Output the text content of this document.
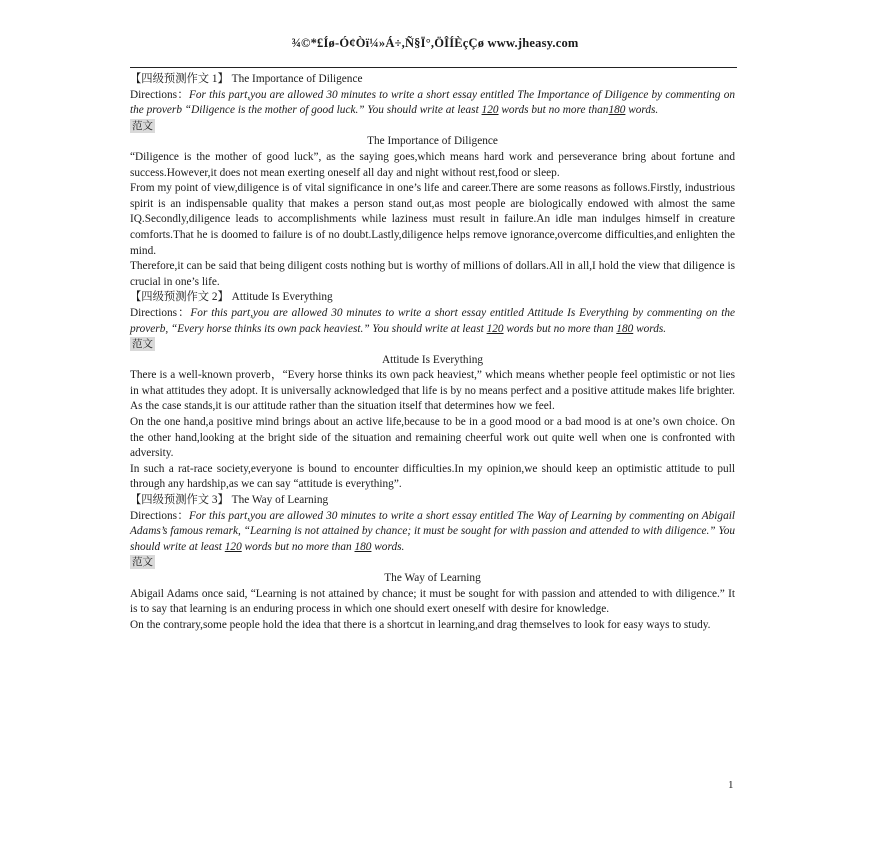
¾©*£Íø-Ó¢Òï¼»Á÷,Ñ§Ï°,ÖÎÍÈçÇø www.jheasy.com

【四级预测作文 1】 The Importance of Diligence

Directions：For this part,you are allowed 30 minutes to write a short essay entitled The Importance of Diligence by commenting on the proverb “Diligence is the mother of good luck.” You should write at least 120 words but no more than180 words.

范文

The Importance of Diligence

“Diligence is the mother of good luck”, as the saying goes,which means hard work and perseverance bring about fortune and success.However,it does not mean exerting oneself all day and night without rest,food or sleep.

From my point of view,diligence is of vital significance in one’s life and career.There are some reasons as follows.Firstly, industrious spirit is an indispensable quality that makes a person stand out,as most people are biologically endowed with almost the same IQ.Secondly,diligence leads to accomplishments while laziness must result in failure.An idle man indulges himself in creature comforts.That he is doomed to failure is of no doubt.Lastly,diligence helps remove ignorance,overcome difficulties,and enlighten the mind.

Therefore,it can be said that being diligent costs nothing but is worthy of millions of dollars.All in all,I hold the view that diligence is crucial in one’s life.

【四级预测作文 2】 Attitude Is Everything

Directions：For this part,you are allowed 30 minutes to write a short essay entitled Attitude Is Everything by commenting on the proverb, “Every horse thinks its own pack heaviest.” You should write at least 120 words but no more than 180 words.

范文

Attitude Is Everything

There is a well-known proverb，“Every horse thinks its own pack heaviest,” which means whether people feel optimistic or not lies in what attitudes they adopt. It is universally acknowledged that life is by no means perfect and a positive attitude makes life brighter. As the case stands,it is our attitude rather than the situation itself that determines how we feel.

On the one hand,a positive mind brings about an active life,because to be in a good mood or a bad mood is at one’s own choice. On the other hand,looking at the bright side of the situation and remaining cheerful work out quite well when one is confronted with adversity.

In such a rat-race society,everyone is bound to encounter difficulties.In my opinion,we should keep an optimistic attitude to pull through any hardship,as we can say “attitude is everything”.

【四级预测作文 3】 The Way of Learning

Directions：For this part,you are allowed 30 minutes to write a short essay entitled The Way of Learning by commenting on Abigail Adams’s famous remark, “Learning is not attained by chance; it must be sought for with passion and attended to with diligence.” You should write at least 120 words but no more than 180 words.

范文

The Way of Learning

Abigail Adams once said, “Learning is not attained by chance; it must be sought for with passion and attended to with diligence.” It is to say that learning is an enduring process in which one should exert oneself with desire for knowledge.

On the contrary,some people hold the idea that there is a shortcut in learning,and drag themselves to look for easy ways to study.

1
